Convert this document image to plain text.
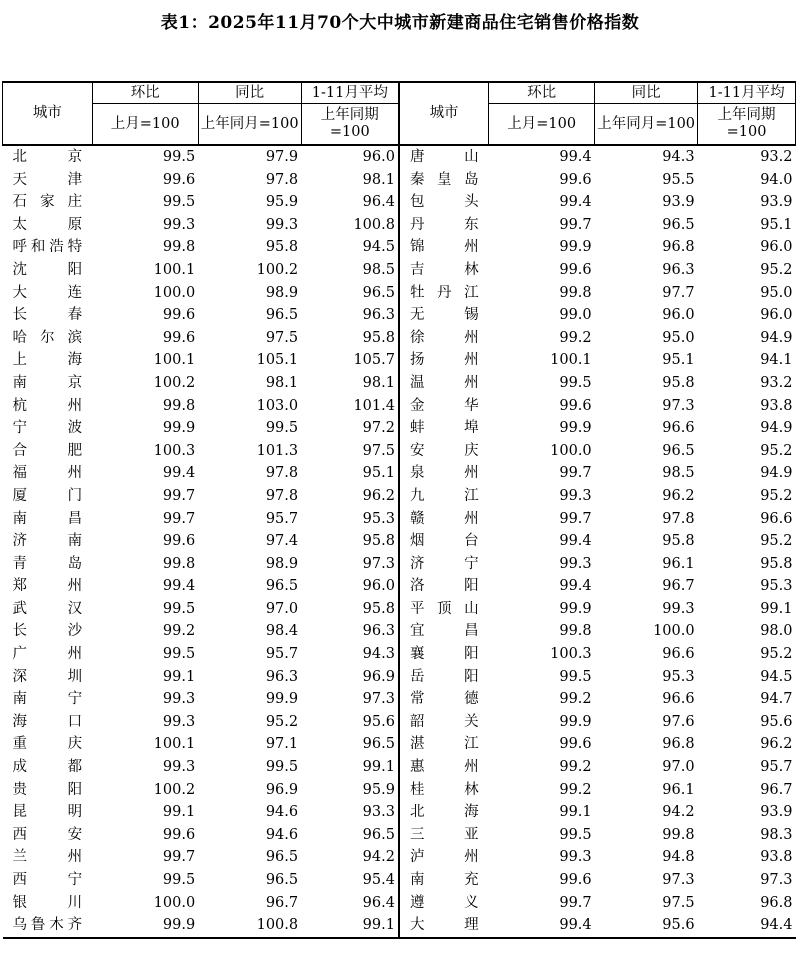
表1：2025年11月70个大中城市新建商品住宅销售价格指数
城市	环比	同比	1-11月平均	城市	环比	同比	1-11月平均
	上月=100	上年同月=100	上年同期=100		上月=100	上年同月=100	上年同期=100
北　京	99.5	97.9	96.0	唐　山	99.4	94.3	93.2
天　津	99.6	97.8	98.1	秦皇岛	99.6	95.5	94.0
石家庄	99.5	95.9	96.4	包　头	99.4	93.9	93.9
太　原	99.3	99.3	100.8	丹　东	99.7	96.5	95.1
呼和浩特	99.8	95.8	94.5	锦　州	99.9	96.8	96.0
沈　阳	100.1	100.2	98.5	吉　林	99.6	96.3	95.2
大　连	100.0	98.9	96.5	牡丹江	99.8	97.7	95.0
长　春	99.6	96.5	96.3	无　锡	99.0	96.0	96.0
哈尔滨	99.6	97.5	95.8	徐　州	99.2	95.0	94.9
上　海	100.1	105.1	105.7	扬　州	100.1	95.1	94.1
南　京	100.2	98.1	98.1	温　州	99.5	95.8	93.2
杭　州	99.8	103.0	101.4	金　华	99.6	97.3	93.8
宁　波	99.9	99.5	97.2	蚌　埠	99.9	96.6	94.9
合　肥	100.3	101.3	97.5	安　庆	100.0	96.5	95.2
福　州	99.4	97.8	95.1	泉　州	99.7	98.5	94.9
厦　门	99.7	97.8	96.2	九　江	99.3	96.2	95.2
南　昌	99.7	95.7	95.3	赣　州	99.7	97.8	96.6
济　南	99.6	97.4	95.8	烟　台	99.4	95.8	95.2
青　岛	99.8	98.9	97.3	济　宁	99.3	96.1	95.8
郑　州	99.4	96.5	96.0	洛　阳	99.4	96.7	95.3
武　汉	99.5	97.0	95.8	平顶山	99.9	99.3	99.1
长　沙	99.2	98.4	96.3	宜　昌	99.8	100.0	98.0
广　州	99.5	95.7	94.3	襄　阳	100.3	96.6	95.2
深　圳	99.1	96.3	96.9	岳　阳	99.5	95.3	94.5
南　宁	99.3	99.9	97.3	常　德	99.2	96.6	94.7
海　口	99.3	95.2	95.6	韶　关	99.9	97.6	95.6
重　庆	100.1	97.1	96.5	湛　江	99.6	96.8	96.2
成　都	99.3	99.5	99.1	惠　州	99.2	97.0	95.7
贵　阳	100.2	96.9	95.9	桂　林	99.2	96.1	96.7
昆　明	99.1	94.6	93.3	北　海	99.1	94.2	93.9
西　安	99.6	94.6	96.5	三　亚	99.5	99.8	98.3
兰　州	99.7	96.5	94.2	泸　州	99.3	94.8	93.8
西　宁	99.5	96.5	95.4	南　充	99.6	97.3	97.3
银　川	100.0	96.7	96.4	遵　义	99.7	97.5	96.8
乌鲁木齐	99.9	100.8	99.1	大　理	99.4	95.6	94.4
